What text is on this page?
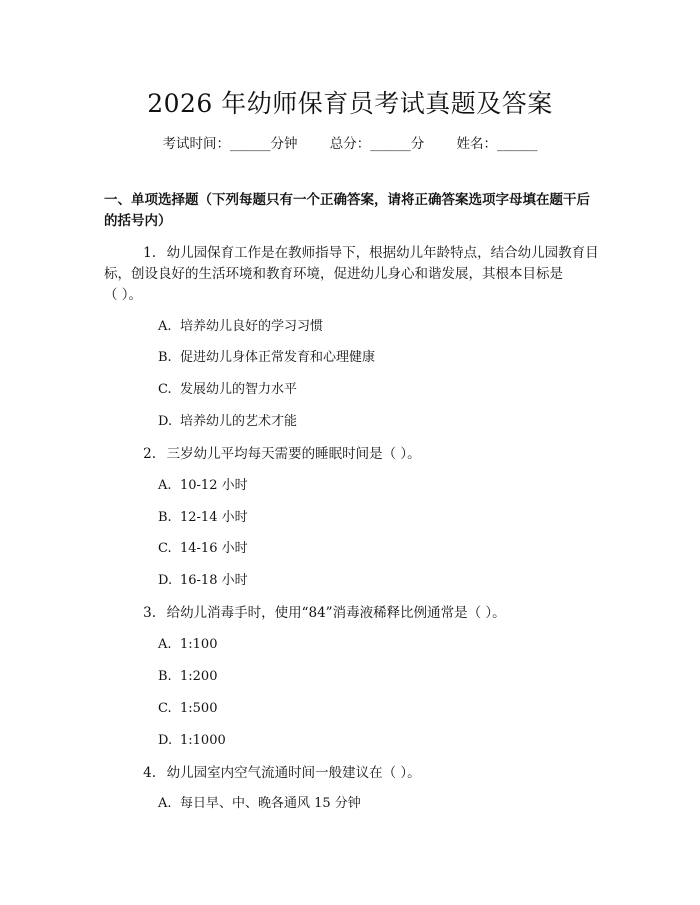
2026 年幼师保育员考试真题及答案
考试时间：______分钟 总分：______分 姓名：______
一、单项选择题（下列每题只有一个正确答案，请将正确答案选项字母填在题干后的括号内）
1. 幼儿园保育工作是在教师指导下，根据幼儿年龄特点，结合幼儿园教育目
标，创设良好的生活环境和教育环境，促进幼儿身心和谐发展，其根本目标是
（ ）。
A. 培养幼儿良好的学习习惯
B. 促进幼儿身体正常发育和心理健康
C. 发展幼儿的智力水平
D. 培养幼儿的艺术才能
2. 三岁幼儿平均每天需要的睡眠时间是（ ）。
A. 10-12 小时
B. 12-14 小时
C. 14-16 小时
D. 16-18 小时
3. 给幼儿消毒手时，使用“84”消毒液稀释比例通常是（ ）。
A. 1:100
B. 1:200
C. 1:500
D. 1:1000
4. 幼儿园室内空气流通时间一般建议在（ ）。
A. 每日早、中、晚各通风 15 分钟
